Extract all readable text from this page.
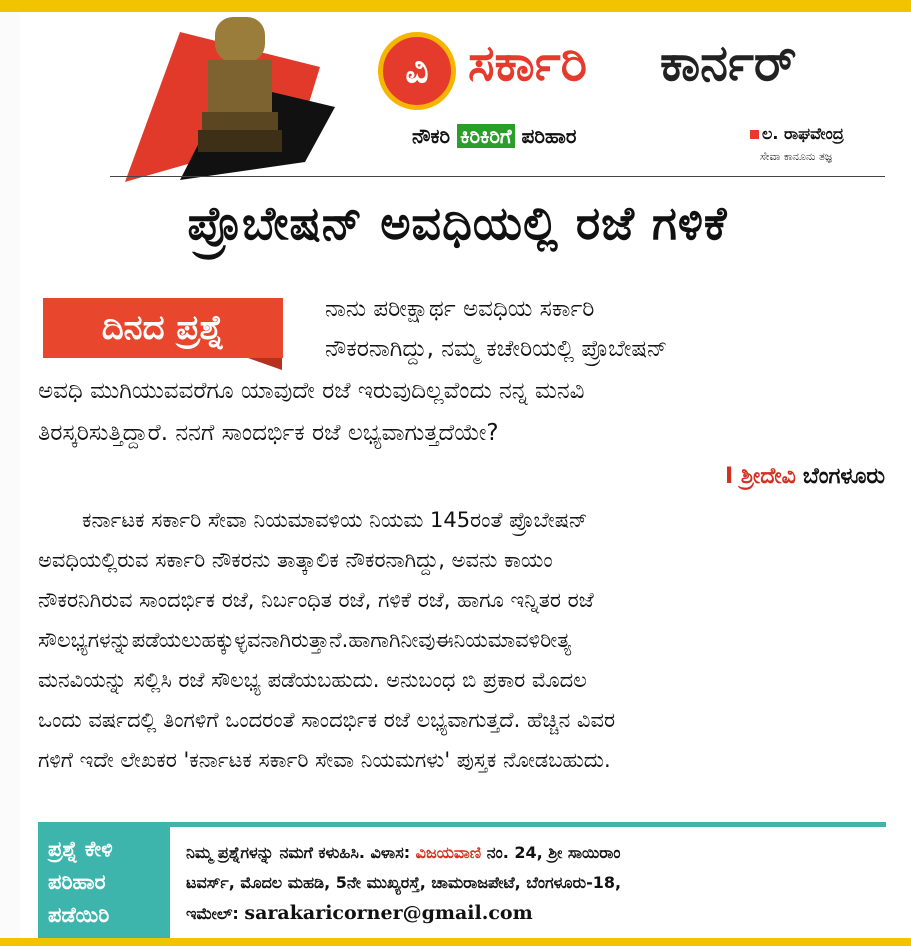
ವಿ ಸರ್ಕಾರಿ ಕಾರ್ನರ್
ನೌಕರಿ ಕಿರಿಕಿರಿಗೆ ಪರಿಹಾರ	ಲ. ರಾಘವೇಂದ್ರ
ಸೇವಾ ಕಾನೂನು ತಜ್ಞ
ಪ್ರೊಬೇಷನ್ ಅವಧಿಯಲ್ಲಿ ರಜೆ ಗಳಿಕೆ
ದಿನದ ಪ್ರಶ್ನೆ	ನಾನು ಪರೀಕ್ಷಾರ್ಥ ಅವಧಿಯ ಸರ್ಕಾರಿ
ನೌಕರನಾಗಿದ್ದು, ನಮ್ಮ ಕಚೇರಿಯಲ್ಲಿ ಪ್ರೊಬೇಷನ್
ಅವಧಿ ಮುಗಿಯುವವರೆಗೂ ಯಾವುದೇ ರಜೆ ಇರುವುದಿಲ್ಲವೆಂದು ನನ್ನ ಮನವಿ
ತಿರಸ್ಕರಿಸುತ್ತಿದ್ದಾರೆ. ನನಗೆ ಸಾಂದರ್ಭಿಕ ರಜೆ ಲಭ್ಯವಾಗುತ್ತದೆಯೇ?
I ಶ್ರೀದೇವಿ ಬೆಂಗಳೂರು
ಕರ್ನಾಟಕ ಸರ್ಕಾರಿ ಸೇವಾ ನಿಯಮಾವಳಿಯ ನಿಯಮ 145ರಂತೆ ಪ್ರೊಬೇಷನ್
ಅವಧಿಯಲ್ಲಿರುವ ಸರ್ಕಾರಿ ನೌಕರನು ತಾತ್ಕಾಲಿಕ ನೌಕರನಾಗಿದ್ದು, ಅವನು ಕಾಯಂ
ನೌಕರನಿಗಿರುವ ಸಾಂದರ್ಭಿಕ ರಜೆ, ನಿರ್ಬಂಧಿತ ರಜೆ, ಗಳಿಕೆ ರಜೆ, ಹಾಗೂ ಇನ್ನಿತರ ರಜೆ
ಸೌಲಭ್ಯಗಳನ್ನುಪಡೆಯಲುಹಕ್ಕುಳ್ಳವನಾಗಿರುತ್ತಾನೆ.ಹಾಗಾಗಿನೀವುಈನಿಯಮಾವಳಿರೀತ್ಯ
ಮನವಿಯನ್ನು ಸಲ್ಲಿಸಿ ರಜೆ ಸೌಲಭ್ಯ ಪಡೆಯಬಹುದು. ಅನುಬಂಧ ಬಿ ಪ್ರಕಾರ ಮೊದಲ
ಒಂದು ವರ್ಷದಲ್ಲಿ ತಿಂಗಳಿಗೆ ಒಂದರಂತೆ ಸಾಂದರ್ಭಿಕ ರಜೆ ಲಭ್ಯವಾಗುತ್ತದೆ. ಹೆಚ್ಚಿನ ವಿವರ
ಗಳಿಗೆ ಇದೇ ಲೇಖಕರ 'ಕರ್ನಾಟಕ ಸರ್ಕಾರಿ ಸೇವಾ ನಿಯಮಗಳು' ಪುಸ್ತಕ ನೋಡಬಹುದು.
ಪ್ರಶ್ನೆ ಕೇಳಿ
ಪರಿಹಾರ
ಪಡೆಯಿರಿ
ನಿಮ್ಮ ಪ್ರಶ್ನೆಗಳನ್ನು ನಮಗೆ ಕಳುಹಿಸಿ. ವಿಳಾಸ: ವಿಜಯವಾಣಿ ನಂ. 24, ಶ್ರೀ ಸಾಯಿರಾಂ
ಟವರ್ಸ್, ಮೊದಲ ಮಹಡಿ, 5ನೇ ಮುಖ್ಯರಸ್ತೆ, ಚಾಮರಾಜಪೇಟೆ, ಬೆಂಗಳೂರು-18,
ಇಮೇಲ್: sarakaricorner@gmail.com
